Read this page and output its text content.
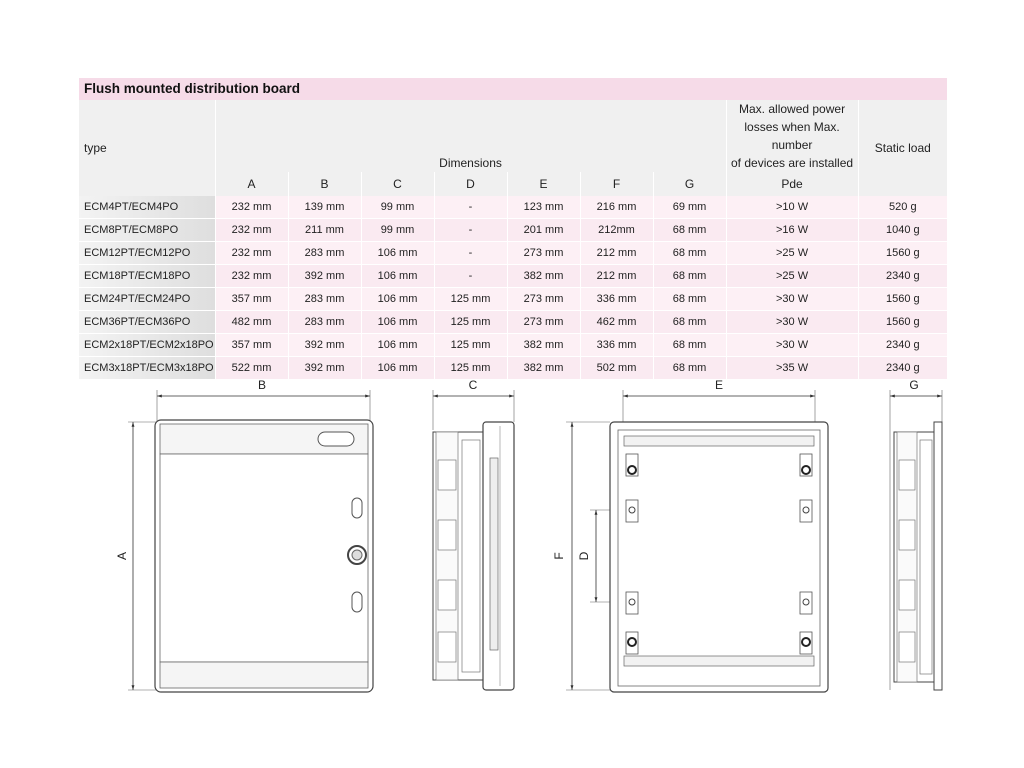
Flush mounted distribution board
type	Dimensions							Max. allowed power
losses when Max. number
of devices are installed	Static load
	A	B	C	D	E	F	G	Pde	
ECM4PT/ECM4PO	232 mm	139 mm	99 mm	-	123 mm	216 mm	69 mm	>10 W	520 g
ECM8PT/ECM8PO	232 mm	211 mm	99 mm	-	201 mm	212mm	68 mm	>16 W	1040 g
ECM12PT/ECM12PO	232 mm	283 mm	106 mm	-	273 mm	212 mm	68 mm	>25 W	1560 g
ECM18PT/ECM18PO	232 mm	392 mm	106 mm	-	382 mm	212 mm	68 mm	>25 W	2340 g
ECM24PT/ECM24PO	357 mm	283 mm	106 mm	125 mm	273 mm	336 mm	68 mm	>30 W	1560 g
ECM36PT/ECM36PO	482 mm	283 mm	106 mm	125 mm	273 mm	462 mm	68 mm	>30 W	1560 g
ECM2x18PT/ECM2x18PO	357 mm	392 mm	106 mm	125 mm	382 mm	336 mm	68 mm	>30 W	2340 g
ECM3x18PT/ECM3x18PO	522 mm	392 mm	106 mm	125 mm	382 mm	502 mm	68 mm	>35 W	2340 g
B
A
C	E
F D
G
